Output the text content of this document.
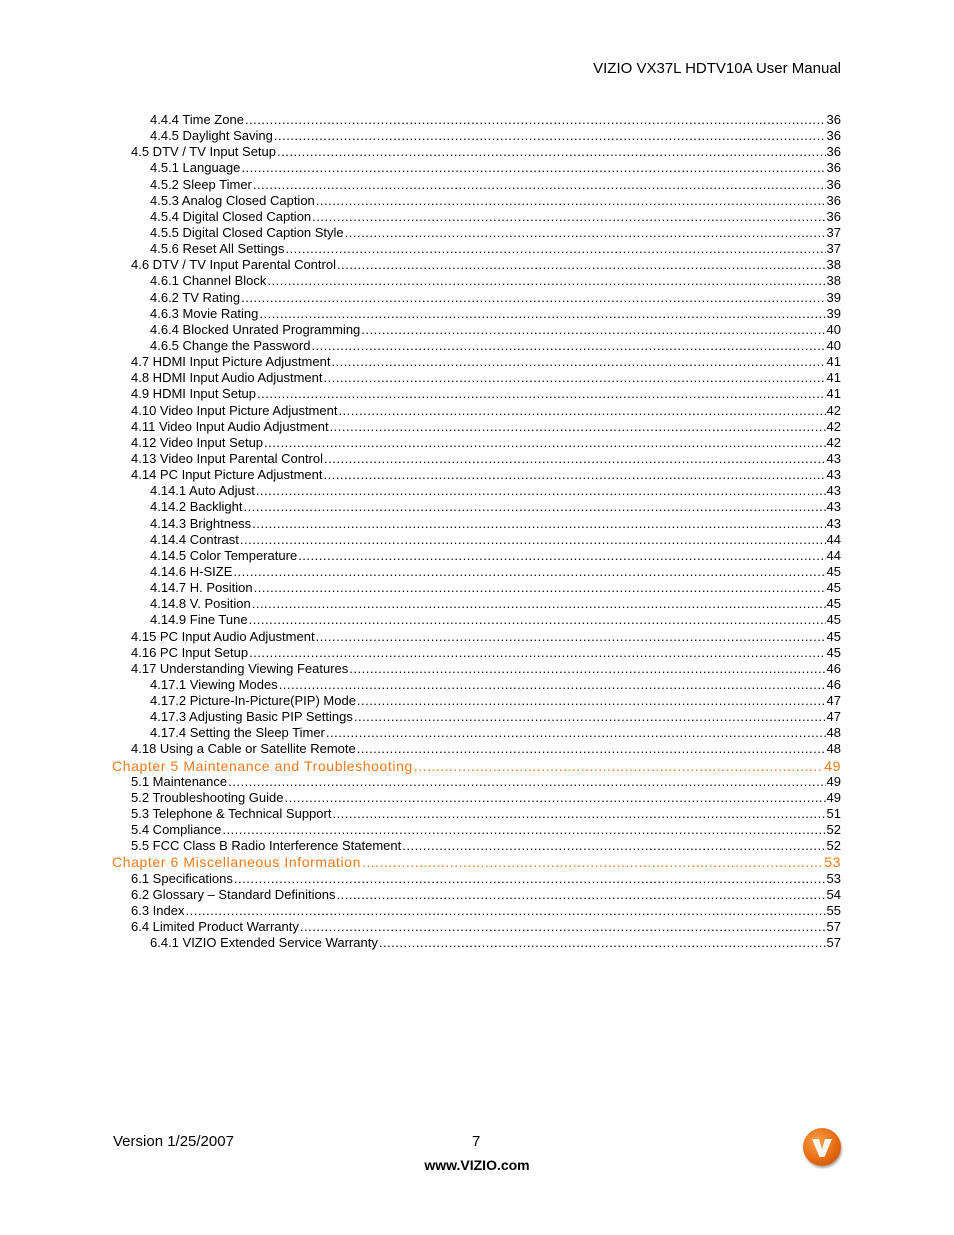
VIZIO VX37L HDTV10A User Manual
4.4.4 Time Zone .....	36
4.4.5 Daylight Saving .....	36
4.5 DTV / TV Input Setup .....	36
4.5.1 Language .....	36
4.5.2 Sleep Timer .....	36
4.5.3 Analog Closed Caption .....	36
4.5.4 Digital Closed Caption .....	36
4.5.5 Digital Closed Caption Style .....	37
4.5.6 Reset All Settings .....	37
4.6 DTV / TV Input Parental Control .....	38
4.6.1 Channel Block .....	38
4.6.2 TV Rating .....	39
4.6.3 Movie Rating .....	39
4.6.4 Blocked Unrated Programming .....	40
4.6.5 Change the Password .....	40
4.7 HDMI Input Picture Adjustment .....	41
4.8 HDMI Input Audio Adjustment .....	41
4.9 HDMI Input Setup .....	41
4.10 Video Input Picture Adjustment .....	42
4.11 Video Input Audio Adjustment .....	42
4.12 Video Input Setup .....	42
4.13 Video Input Parental Control .....	43
4.14 PC Input Picture Adjustment .....	43
4.14.1 Auto Adjust .....	43
4.14.2 Backlight .....	43
4.14.3 Brightness .....	43
4.14.4 Contrast .....	44
4.14.5 Color Temperature .....	44
4.14.6 H-SIZE .....	45
4.14.7 H. Position .....	45
4.14.8 V. Position .....	45
4.14.9 Fine Tune .....	45
4.15 PC Input Audio Adjustment .....	45
4.16 PC Input Setup .....	45
4.17 Understanding Viewing Features .....	46
4.17.1 Viewing Modes .....	46
4.17.2 Picture-In-Picture(PIP) Mode .....	47
4.17.3 Adjusting Basic PIP Settings .....	47
4.17.4 Setting the Sleep Timer .....	48
4.18 Using a Cable or Satellite Remote .....	48
Chapter 5 Maintenance and Troubleshooting .....	49
5.1 Maintenance .....	49
5.2 Troubleshooting Guide .....	49
5.3 Telephone & Technical Support .....	51
5.4 Compliance .....	52
5.5 FCC Class B Radio Interference Statement .....	52
Chapter 6 Miscellaneous Information .....	53
6.1 Specifications .....	53
6.2 Glossary – Standard Definitions .....	54
6.3 Index .....	55
6.4 Limited Product Warranty .....	57
6.4.1 VIZIO Extended Service Warranty .....	57
Version 1/25/2007	7
www.VIZIO.com
